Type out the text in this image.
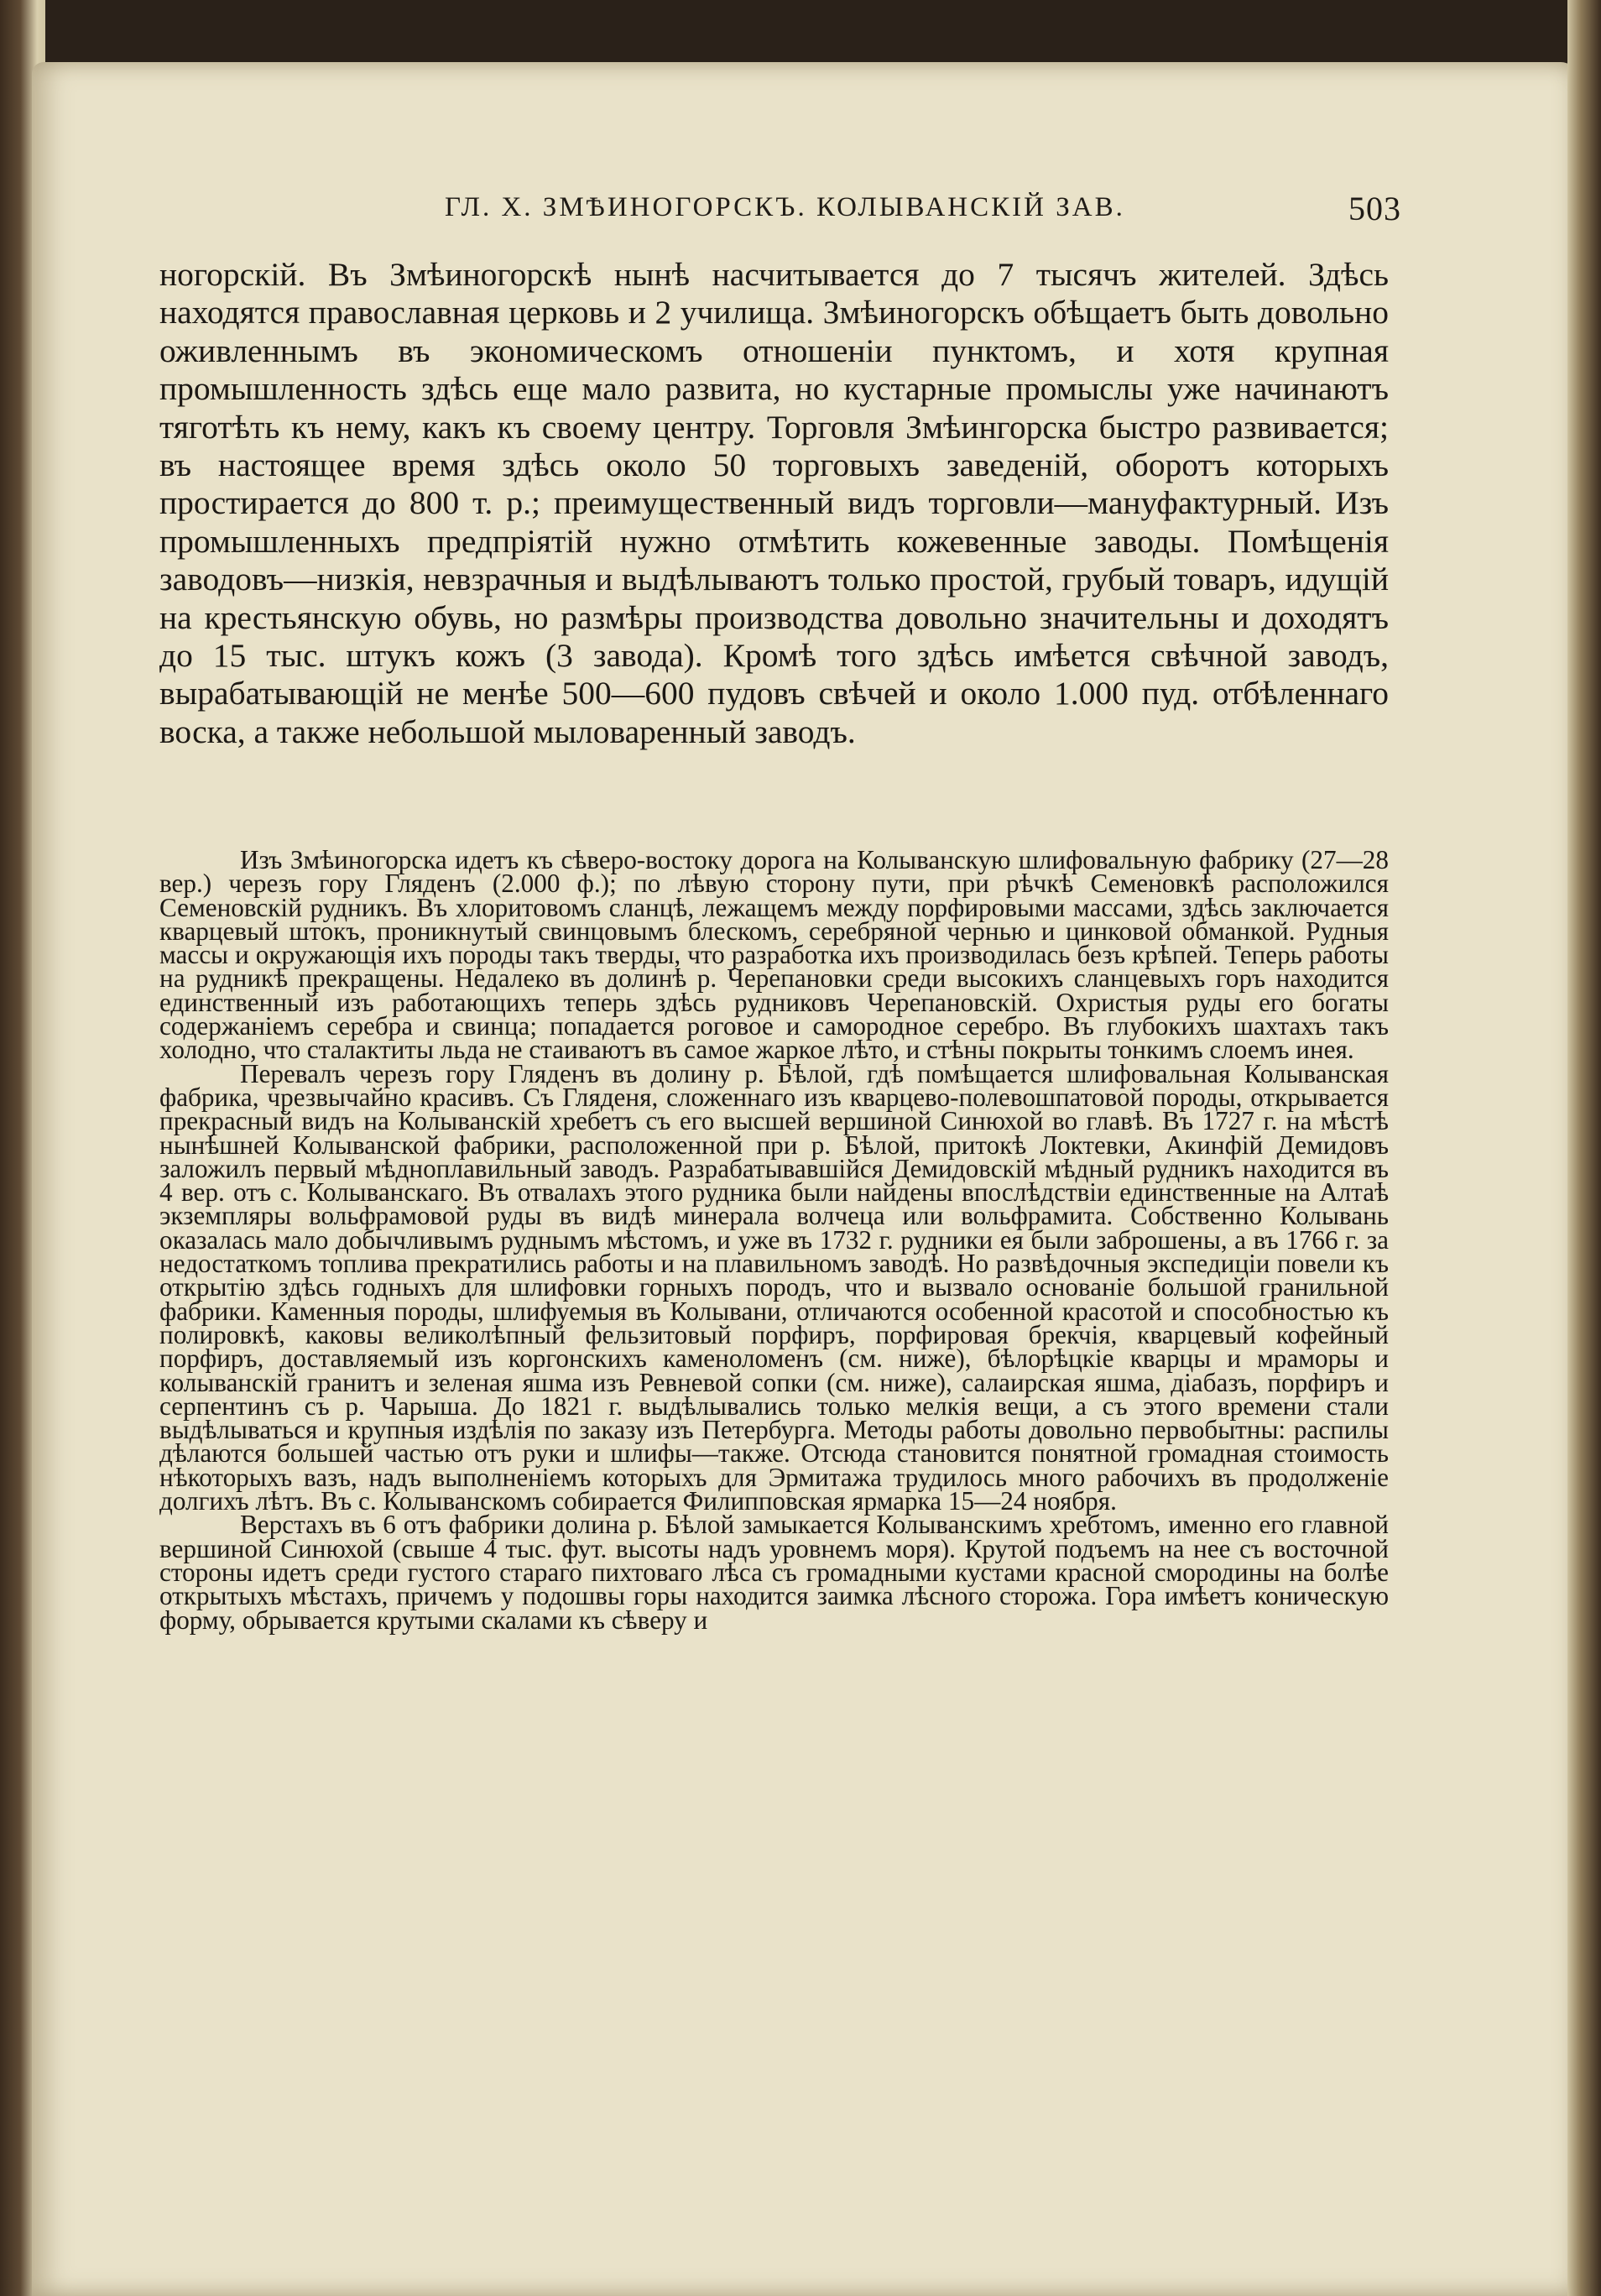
ГЛ. X. ЗМѢИНОГОРСКЪ. КОЛЫВАНСКІЙ ЗАВ.	503

ногорскій. Въ Змѣиногорскѣ нынѣ насчитывается до 7 тысячъ жителей. Здѣсь находятся православная церковь и 2 училища. Змѣиногорскъ обѣщаетъ быть довольно оживленнымъ въ экономическомъ отношеніи пунктомъ, и хотя крупная промышленность здѣсь еще мало развита, но кустарные промыслы уже начинаютъ тяготѣть къ нему, какъ къ своему центру. Торговля Змѣингорска быстро развивается; въ настоящее время здѣсь около 50 торговыхъ заведеній, оборотъ которыхъ простирается до 800 т. р.; преимущественный видъ торговли—мануфактурный. Изъ промышленныхъ предпріятій нужно отмѣтить кожевенные заводы. Помѣщенія заводовъ—низкія, невзрачныя и выдѣлываютъ только простой, грубый товаръ, идущій на крестьянскую обувь, но размѣры производства довольно значительны и доходятъ до 15 тыс. штукъ кожъ (3 завода). Кромѣ того здѣсь имѣется свѣчной заводъ, вырабатывающій не менѣе 500—600 пудовъ свѣчей и около 1.000 пуд. отбѣленнаго воска, а также небольшой мыловаренный заводъ.

Изъ Змѣиногорска идетъ къ сѣверо-востоку дорога на Колыванскую шлифовальную фабрику (27—28 вер.) черезъ гору Гляденъ (2.000 ф.); по лѣвую сторону пути, при рѣчкѣ Семеновкѣ расположился Семеновскій рудникъ. Въ хлоритовомъ сланцѣ, лежащемъ между порфировыми массами, здѣсь заключается кварцевый штокъ, проникнутый свинцовымъ блескомъ, серебряной чернью и цинковой обманкой. Рудныя массы и окружающія ихъ породы такъ тверды, что разработка ихъ производилась безъ крѣпей. Теперь работы на рудникѣ прекращены. Недалеко въ долинѣ р. Черепановки среди высокихъ сланцевыхъ горъ находится единственный изъ работающихъ теперь здѣсь рудниковъ Черепановскій. Охристыя руды его богаты содержаніемъ серебра и свинца; попадается роговое и самородное серебро. Въ глубокихъ шахтахъ такъ холодно, что сталактиты льда не стаиваютъ въ самое жаркое лѣто, и стѣны покрыты тонкимъ слоемъ инея.

Перевалъ черезъ гору Гляденъ въ долину р. Бѣлой, гдѣ помѣщается шлифовальная Колыванская фабрика, чрезвычайно красивъ. Съ Гляденя, сложеннаго изъ кварцево-полевошпатовой породы, открывается прекрасный видъ на Колыванскій хребетъ съ его высшей вершиной Синюхой во главѣ. Въ 1727 г. на мѣстѣ нынѣшней Колыванской фабрики, расположенной при р. Бѣлой, притокѣ Локтевки, Акинфій Демидовъ заложилъ первый мѣдноплавильный заводъ. Разрабатывавшійся Демидовскій мѣдный рудникъ находится въ 4 вер. отъ с. Колыванскаго. Въ отвалахъ этого рудника были найдены впослѣдствіи единственные на Алтаѣ экземпляры вольфрамовой руды въ видѣ минерала волчеца или вольфрамита. Собственно Колывань оказалась мало добычливымъ руднымъ мѣстомъ, и уже въ 1732 г. рудники ея были заброшены, а въ 1766 г. за недостаткомъ топлива прекратились работы и на плавильномъ заводѣ. Но развѣдочныя экспедиціи повели къ открытію здѣсь годныхъ для шлифовки горныхъ породъ, что и вызвало основаніе большой гранильной фабрики. Каменныя породы, шлифуемыя въ Колывани, отличаются особенной красотой и способностью къ полировкѣ, каковы великолѣпный фельзитовый порфиръ, порфировая брекчія, кварцевый кофейный порфиръ, доставляемый изъ коргонскихъ каменоломенъ (см. ниже), бѣлорѣцкіе кварцы и мраморы и колыванскій гранитъ и зеленая яшма изъ Ревневой сопки (см. ниже), салаирская яшма, діабазъ, порфиръ и серпентинъ съ р. Чарыша. До 1821 г. выдѣлывались только мелкія вещи, а съ этого времени стали выдѣлываться и крупныя издѣлія по заказу изъ Петербурга. Методы работы довольно первобытны: распилы дѣлаются большей частью отъ руки и шлифы—также. Отсюда становится понятной громадная стоимость нѣкоторыхъ вазъ, надъ выполненіемъ которыхъ для Эрмитажа трудилось много рабочихъ въ продолженіе долгихъ лѣтъ. Въ с. Колыванскомъ собирается Филипповская ярмарка 15—24 ноября.

Верстахъ въ 6 отъ фабрики долина р. Бѣлой замыкается Колыванскимъ хребтомъ, именно его главной вершиной Синюхой (свыше 4 тыс. фут. высоты надъ уровнемъ моря). Крутой подъемъ на нее съ восточной стороны идетъ среди густого стараго пихтоваго лѣса съ громадными кустами красной смородины на болѣе открытыхъ мѣстахъ, причемъ у подошвы горы находится заимка лѣсного сторожа. Гора имѣетъ коническую форму, обрывается крутыми скалами къ сѣверу и
